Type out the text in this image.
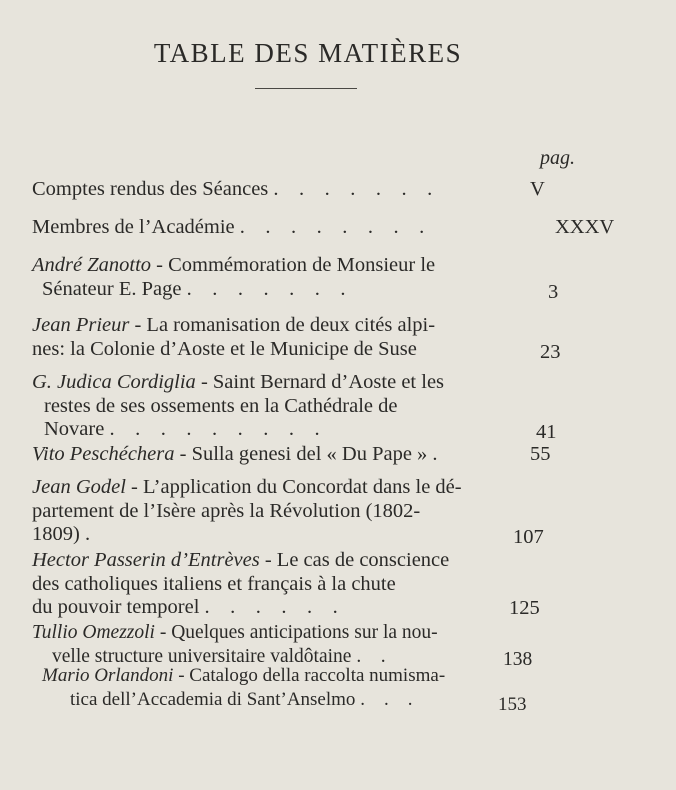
TABLE DES MATIÈRES
pag.
Comptes rendus des Séances .    .    .    .    .    .    .	V
Membres de l’Académie .    .    .    .    .    .    .    .	XXXV
André Zanotto - Commémoration de Monsieur le
Sénateur E. Page .    .    .    .    .    .    .	3
Jean Prieur - La romanisation de deux cités alpi-
nes: la Colonie d’Aoste et le Municipe de Suse	23
G. Judica Cordiglia - Saint Bernard d’Aoste et les
restes de ses ossements en la Cathédrale de
Novare .    .    .    .    .    .    .    .    .	41
Vito Peschéchera - Sulla genesi del « Du Pape » .	55
Jean Godel - L’application du Concordat dans le dé-
partement de l’Isère après la Révolution (1802-
1809) .	107
Hector Passerin d’Entrèves - Le cas de conscience
des catholiques italiens et français à la chute
du pouvoir temporel .    .    .    .    .    .	125
Tullio Omezzoli - Quelques anticipations sur la nou-
velle structure universitaire valdôtaine .    .	138
Mario Orlandoni - Catalogo della raccolta numisma-
tica dell’Accademia di Sant’Anselmo .    .    .	153
